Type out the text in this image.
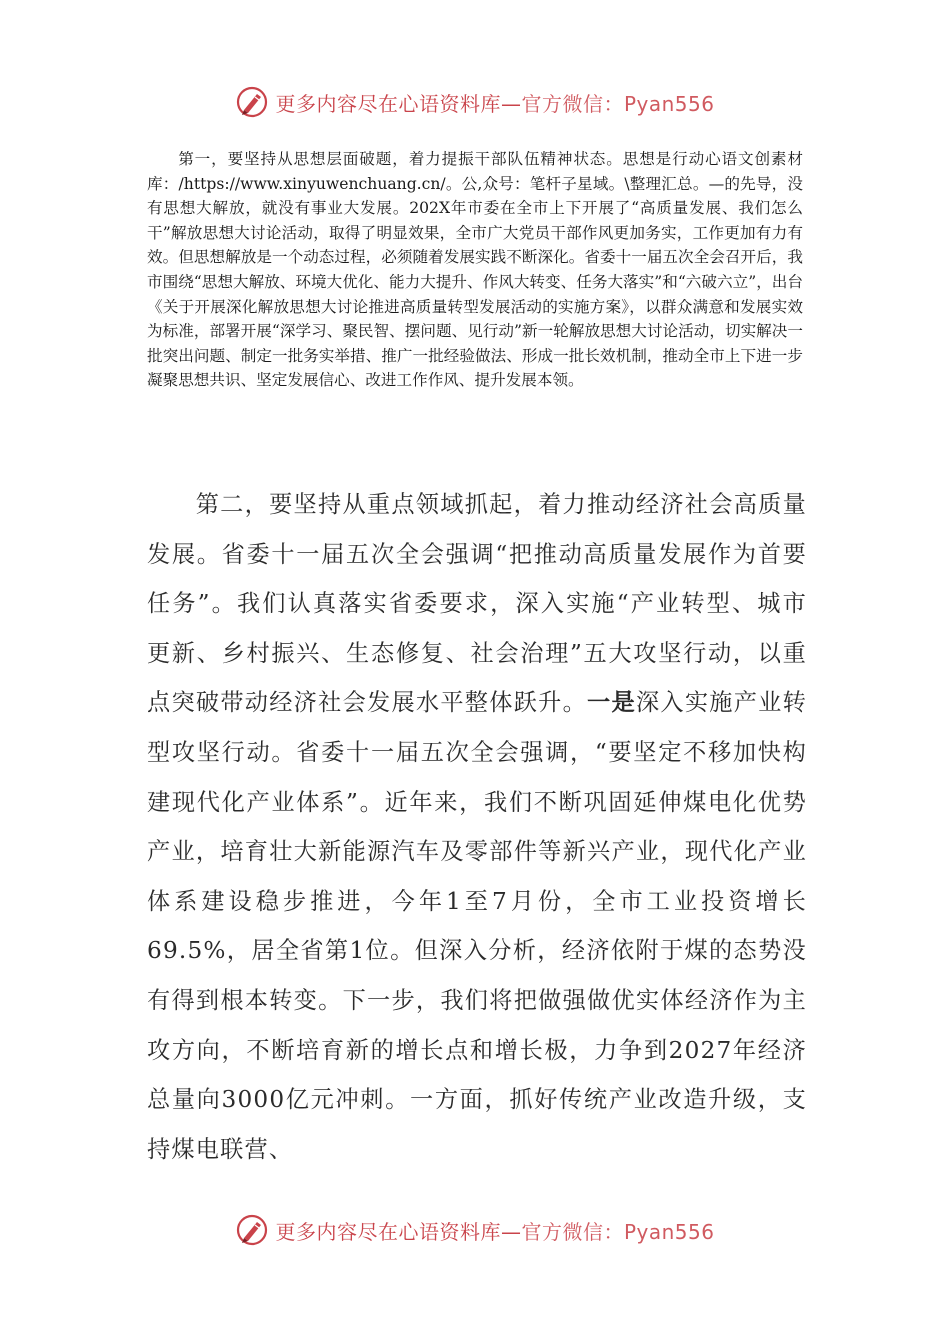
更多内容尽在心语资料库—官方微信：Pyan556

第一，要坚持从思想层面破题，着力提振干部队伍精神状态。思想是行动心语文创素材库：/https://www.xinyuwenchuang.cn/。公,众号：笔杆子星域。\整理汇总。—的先导，没有思想大解放，就没有事业大发展。202X年市委在全市上下开展了“高质量发展、我们怎么干”解放思想大讨论活动，取得了明显效果，全市广大党员干部作风更加务实，工作更加有力有效。但思想解放是一个动态过程，必须随着发展实践不断深化。省委十一届五次全会召开后，我市围绕“思想大解放、环境大优化、能力大提升、作风大转变、任务大落实”和“六破六立”，出台《关于开展深化解放思想大讨论推进高质量转型发展活动的实施方案》，以群众满意和发展实效为标准，部署开展“深学习、聚民智、摆问题、见行动”新一轮解放思想大讨论活动，切实解决一批突出问题、制定一批务实举措、推广一批经验做法、形成一批长效机制，推动全市上下进一步凝聚思想共识、坚定发展信心、改进工作作风、提升发展本领。

第二，要坚持从重点领域抓起，着力推动经济社会高质量发展。省委十一届五次全会强调“把推动高质量发展作为首要任务”。我们认真落实省委要求，深入实施“产业转型、城市更新、乡村振兴、生态修复、社会治理”五大攻坚行动，以重点突破带动经济社会发展水平整体跃升。一是深入实施产业转型攻坚行动。省委十一届五次全会强调，“要坚定不移加快构建现代化产业体系”。近年来，我们不断巩固延伸煤电化优势产业，培育壮大新能源汽车及零部件等新兴产业，现代化产业体系建设稳步推进，今年1至7月份，全市工业投资增长69.5%，居全省第1位。但深入分析，经济依附于煤的态势没有得到根本转变。下一步，我们将把做强做优实体经济作为主攻方向，不断培育新的增长点和增长极，力争到2027年经济总量向3000亿元冲刺。一方面，抓好传统产业改造升级，支持煤电联营、

更多内容尽在心语资料库—官方微信：Pyan556
